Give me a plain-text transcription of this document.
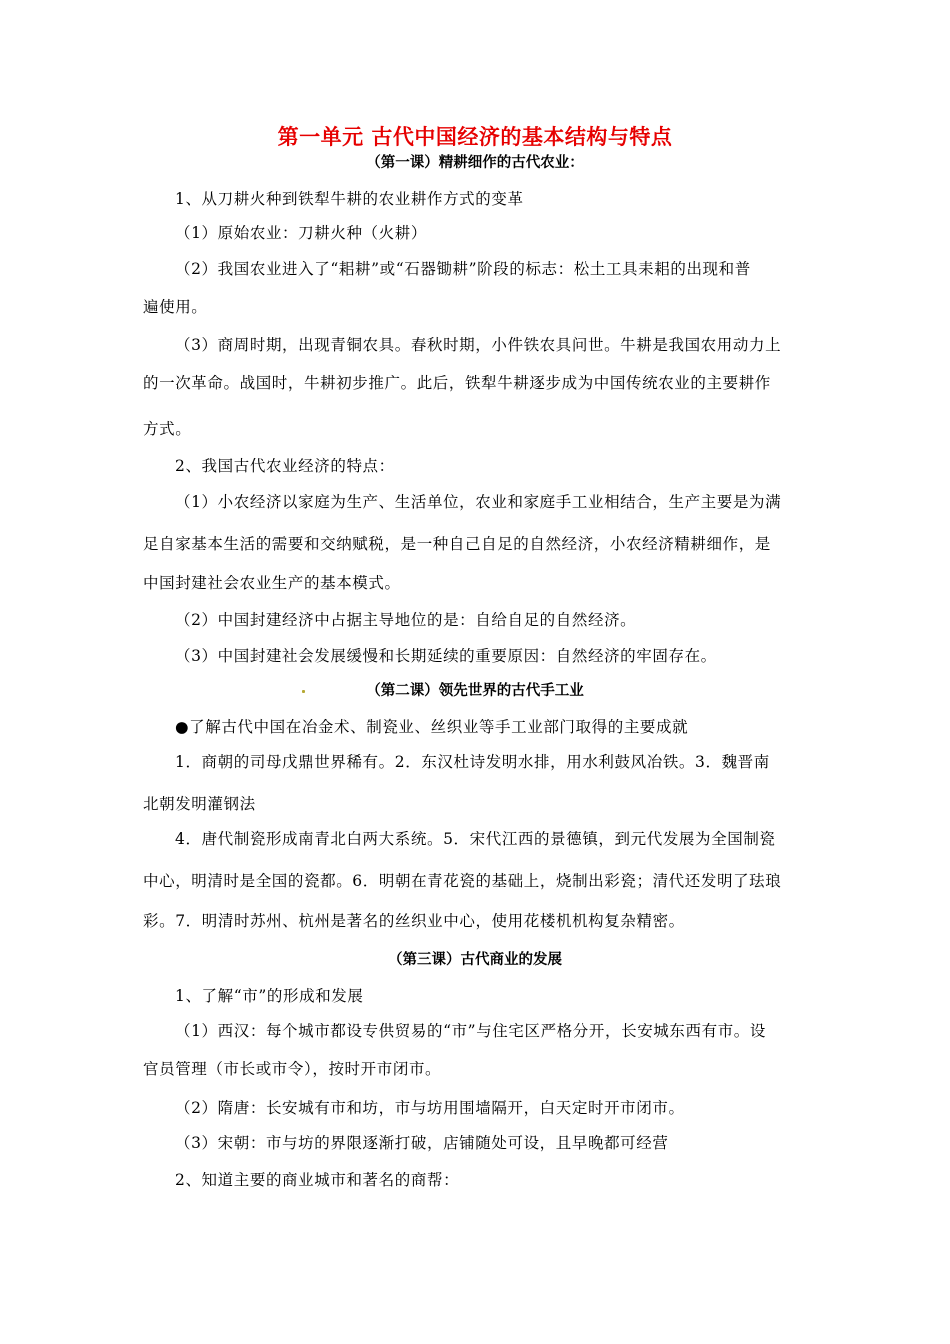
第一单元 古代中国经济的基本结构与特点
（第一课）精耕细作的古代农业：
1、从刀耕火种到铁犁牛耕的农业耕作方式的变革
（1）原始农业：刀耕火种（火耕）
（2）我国农业进入了“耜耕”或“石器锄耕”阶段的标志：松土工具耒耜的出现和普
遍使用。
（3）商周时期，出现青铜农具。春秋时期，小件铁农具问世。牛耕是我国农用动力上
的一次革命。战国时，牛耕初步推广。此后，铁犁牛耕逐步成为中国传统农业的主要耕作
方式。
2、我国古代农业经济的特点：
（1）小农经济以家庭为生产、生活单位，农业和家庭手工业相结合，生产主要是为满
足自家基本生活的需要和交纳赋税，是一种自己自足的自然经济，小农经济精耕细作，是
中国封建社会农业生产的基本模式。
（2）中国封建经济中占据主导地位的是：自给自足的自然经济。
（3）中国封建社会发展缓慢和长期延续的重要原因：自然经济的牢固存在。
（第二课）领先世界的古代手工业
●了解古代中国在冶金术、制瓷业、丝织业等手工业部门取得的主要成就
1．商朝的司母戊鼎世界稀有。2．东汉杜诗发明水排，用水利鼓风冶铁。3．魏晋南
北朝发明灌钢法
4．唐代制瓷形成南青北白两大系统。5．宋代江西的景德镇，到元代发展为全国制瓷
中心，明清时是全国的瓷都。6．明朝在青花瓷的基础上，烧制出彩瓷；清代还发明了珐琅
彩。7．明清时苏州、杭州是著名的丝织业中心，使用花楼机机构复杂精密。
（第三课）古代商业的发展
1、了解“市”的形成和发展
（1）西汉：每个城市都设专供贸易的“市”与住宅区严格分开，长安城东西有市。设
官员管理（市长或市令），按时开市闭市。
（2）隋唐：长安城有市和坊，市与坊用围墙隔开，白天定时开市闭市。
（3）宋朝：市与坊的界限逐渐打破，店铺随处可设，且早晚都可经营
2、知道主要的商业城市和著名的商帮：
